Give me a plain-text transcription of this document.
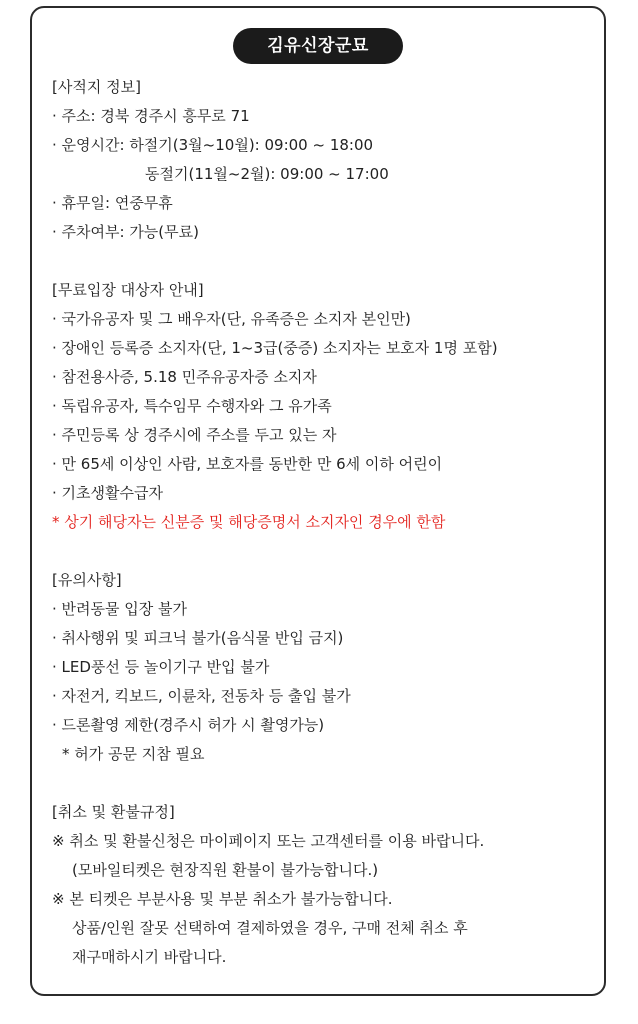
김유신장군묘
[사적지 정보]
· 주소: 경북 경주시 흥무로 71
· 운영시간: 하절기(3월~10월): 09:00 ~ 18:00
동절기(11월~2월): 09:00 ~ 17:00
· 휴무일: 연중무휴
· 주차여부: 가능(무료)
[무료입장 대상자 안내]
· 국가유공자 및 그 배우자(단, 유족증은 소지자 본인만)
· 장애인 등록증 소지자(단, 1~3급(중증) 소지자는 보호자 1명 포함)
· 참전용사증, 5.18 민주유공자증 소지자
· 독립유공자, 특수임무 수행자와 그 유가족
· 주민등록 상 경주시에 주소를 두고 있는 자
· 만 65세 이상인 사람, 보호자를 동반한 만 6세 이하 어린이
· 기초생활수급자
* 상기 해당자는 신분증 및 해당증명서 소지자인 경우에 한함
[유의사항]
· 반려동물 입장 불가
· 취사행위 및 피크닉 불가(음식물 반입 금지)
· LED풍선 등 놀이기구 반입 불가
· 자전거, 킥보드, 이륜차, 전동차 등 출입 불가
· 드론촬영 제한(경주시 허가 시 촬영가능)
* 허가 공문 지참 필요
[취소 및 환불규정]
※ 취소 및 환불신청은 마이페이지 또는 고객센터를 이용 바랍니다.
(모바일티켓은 현장직원 환불이 불가능합니다.)
※ 본 티켓은 부분사용 및 부분 취소가 불가능합니다.
상품/인원 잘못 선택하여 결제하였을 경우, 구매 전체 취소 후
재구매하시기 바랍니다.
